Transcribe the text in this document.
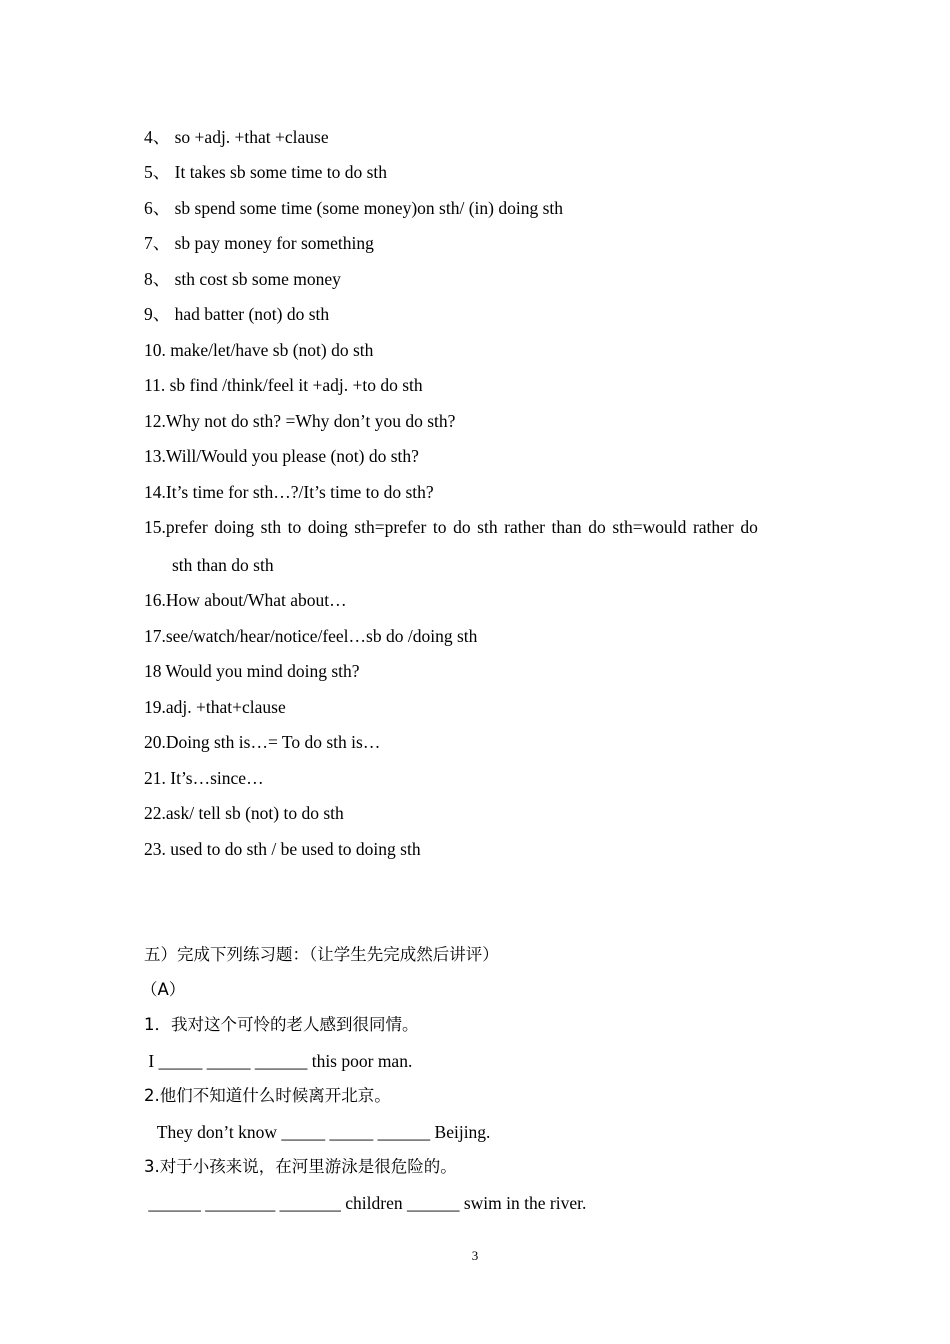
4、 so +adj. +that +clause
5、 It takes sb some time to do sth
6、 sb spend some time (some money)on sth/ (in) doing sth
7、 sb pay money for something
8、 sth cost sb some money
9、 had batter (not) do sth
10. make/let/have sb (not) do sth
11. sb find /think/feel it +adj. +to do sth
12.Why not do sth? =Why don’t you do sth?
13.Will/Would you please (not) do sth?
14.It’s time for sth…?/It’s time to do sth?
15.prefer doing sth to doing sth=prefer to do sth rather than do sth=would rather do
sth than do sth
16.How about/What about…
17.see/watch/hear/notice/feel…sb do /doing sth
18 Would you mind doing sth?
19.adj. +that+clause
20.Doing sth is…= To do sth is…
21. It’s…since…
22.ask/ tell sb (not) to do sth
23. used to do sth / be used to doing sth
五）完成下列练习题：（让学生先完成然后讲评）
（A）
1．我对这个可怜的老人感到很同情。
I _____ _____ ______ this poor man.
2.他们不知道什么时候离开北京。
They don’t know _____ _____ ______ Beijing.
3.对于小孩来说，在河里游泳是很危险的。
______ ________ _______ children ______ swim in the river.
3
